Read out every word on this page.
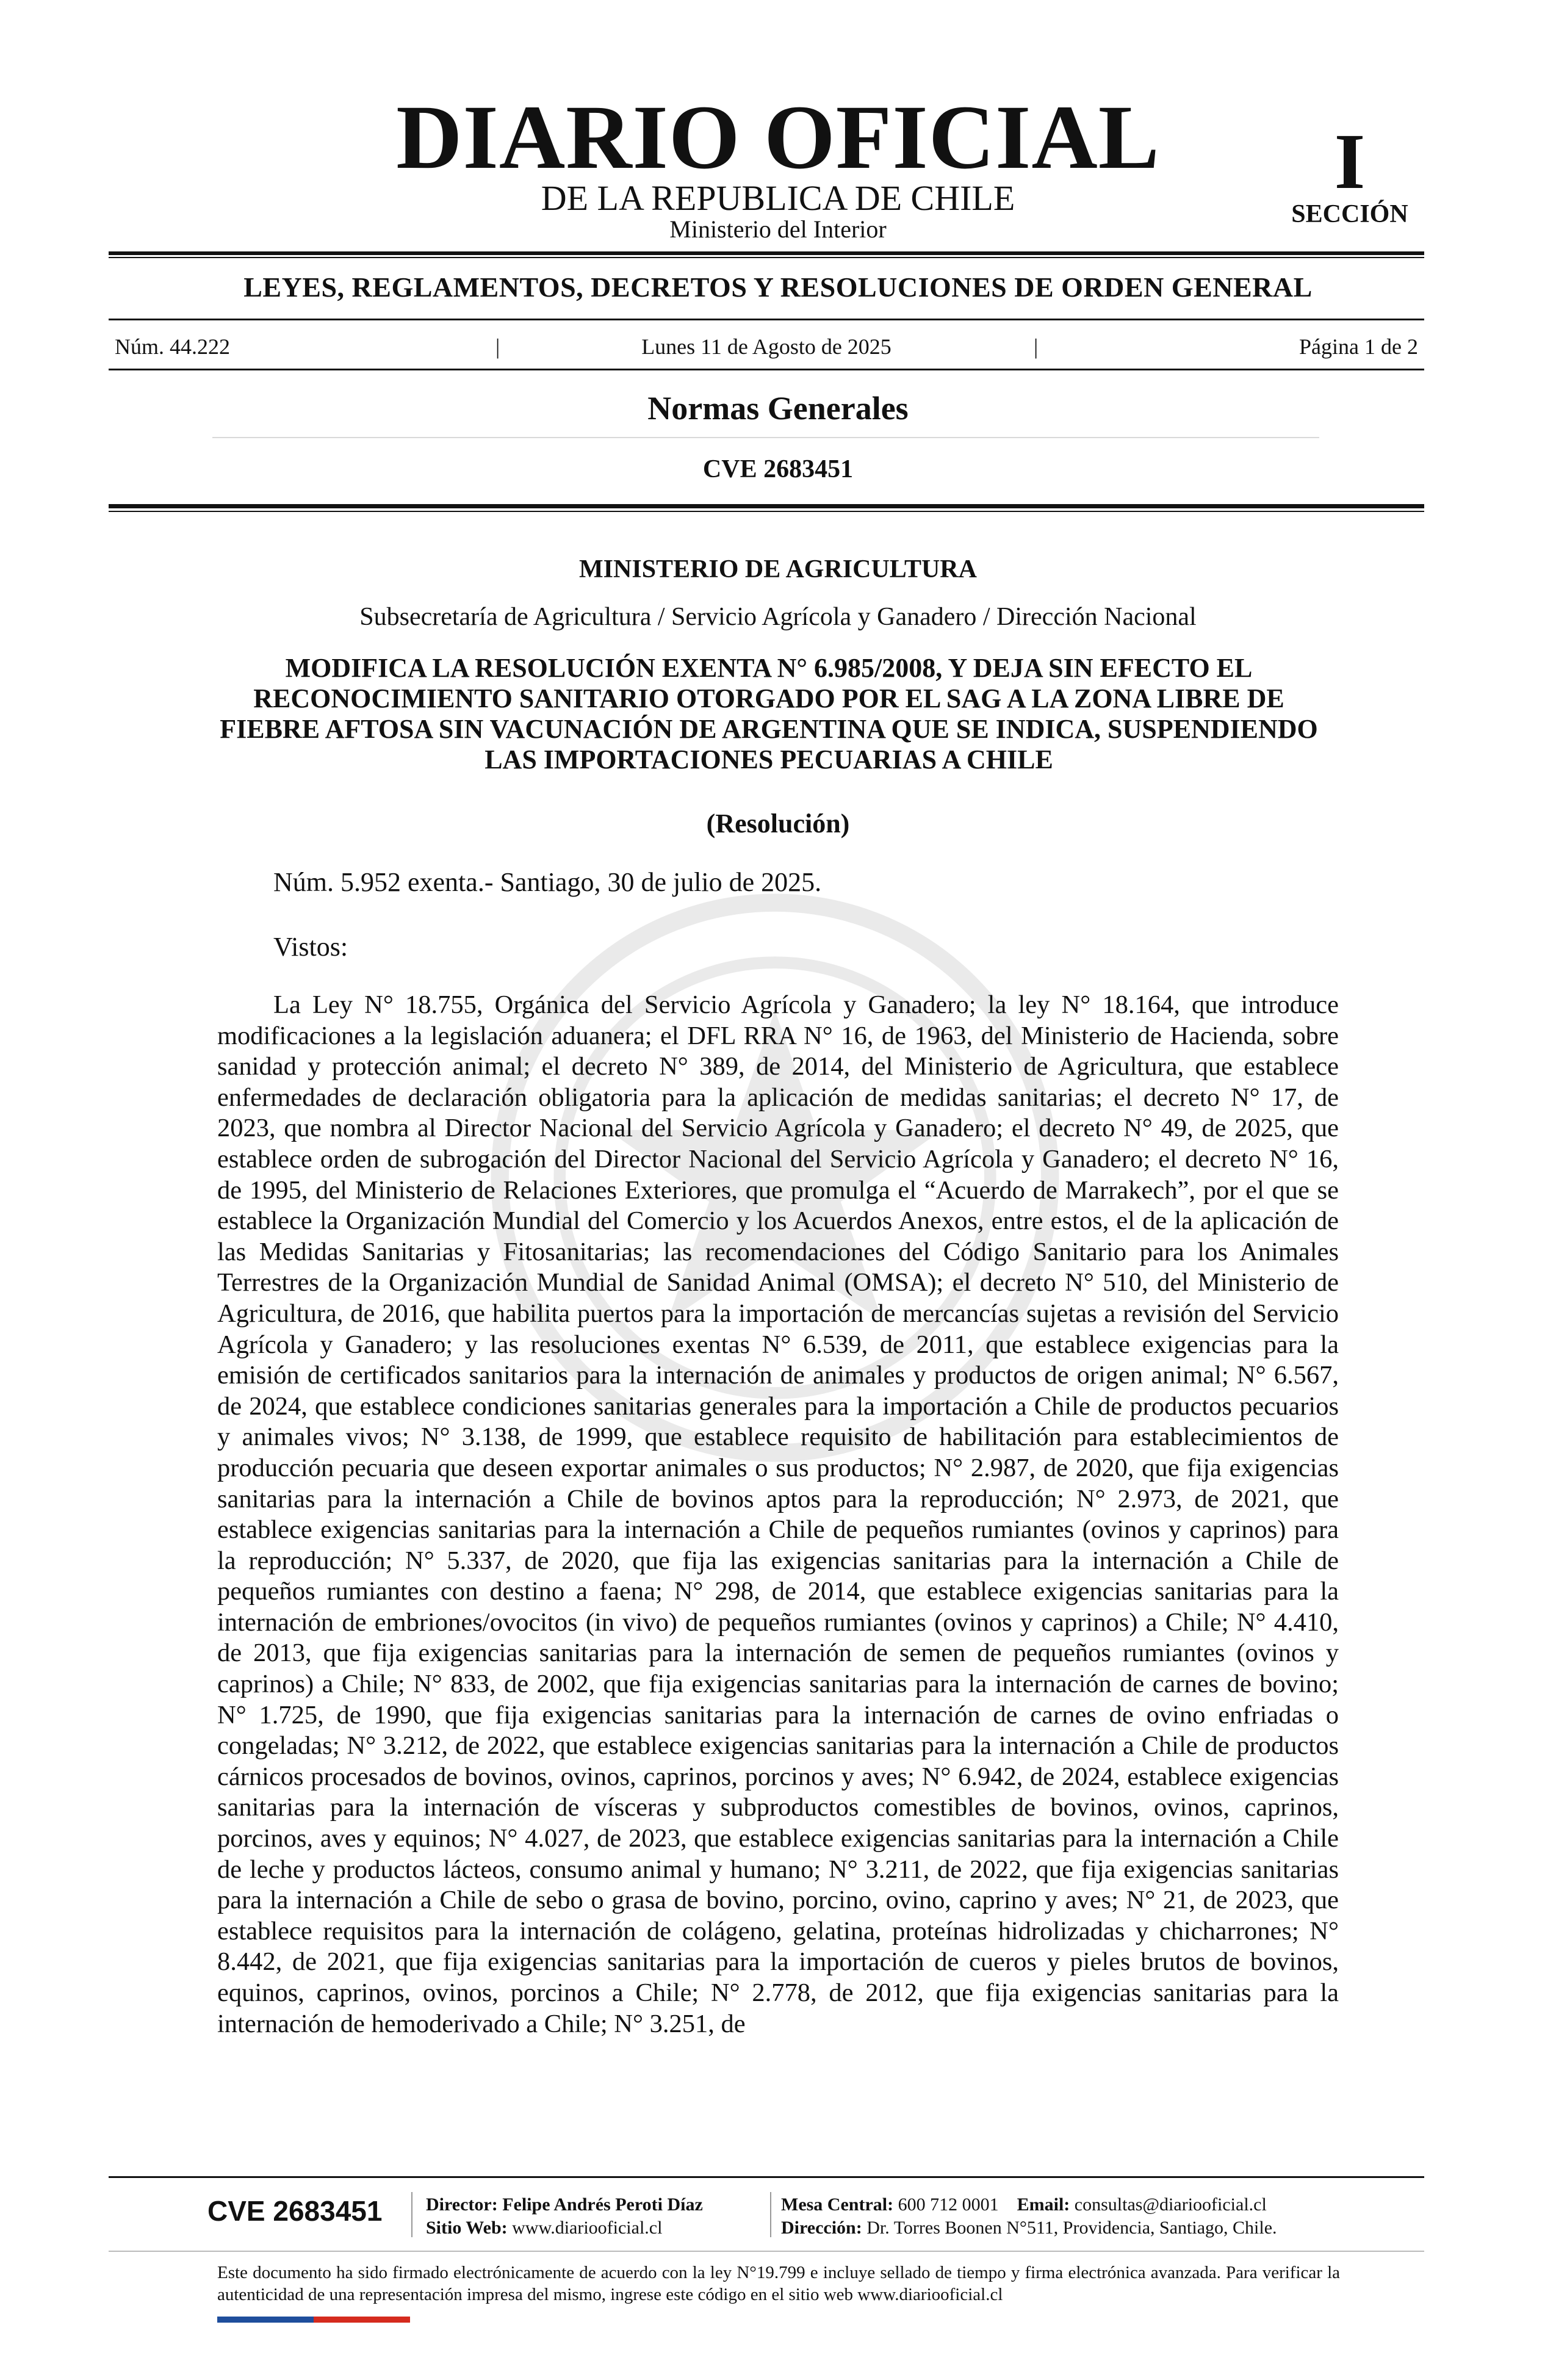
DIARIO OFICIAL
DE LA REPUBLICA DE CHILE
Ministerio del Interior
I
SECCIÓN
LEYES, REGLAMENTOS, DECRETOS Y RESOLUCIONES DE ORDEN GENERAL
Núm. 44.222	|	Lunes 11 de Agosto de 2025	|	Página 1 de 2
Normas Generales
CVE 2683451
MINISTERIO DE AGRICULTURA
Subsecretaría de Agricultura / Servicio Agrícola y Ganadero / Dirección Nacional
MODIFICA LA RESOLUCIÓN EXENTA N° 6.985/2008, Y DEJA SIN EFECTO EL RECONOCIMIENTO SANITARIO OTORGADO POR EL SAG A LA ZONA LIBRE DE FIEBRE AFTOSA SIN VACUNACIÓN DE ARGENTINA QUE SE INDICA, SUSPENDIENDO LAS IMPORTACIONES PECUARIAS A CHILE
(Resolución)
Núm. 5.952 exenta.- Santiago, 30 de julio de 2025.
Vistos:
La Ley N° 18.755, Orgánica del Servicio Agrícola y Ganadero; la ley N° 18.164, que introduce modificaciones a la legislación aduanera; el DFL RRA N° 16, de 1963, del Ministerio de Hacienda, sobre sanidad y protección animal; el decreto N° 389, de 2014, del Ministerio de Agricultura, que establece enfermedades de declaración obligatoria para la aplicación de medidas sanitarias; el decreto N° 17, de 2023, que nombra al Director Nacional del Servicio Agrícola y Ganadero; el decreto N° 49, de 2025, que establece orden de subrogación del Director Nacional del Servicio Agrícola y Ganadero; el decreto N° 16, de 1995, del Ministerio de Relaciones Exteriores, que promulga el “Acuerdo de Marrakech”, por el que se establece la Organización Mundial del Comercio y los Acuerdos Anexos, entre estos, el de la aplicación de las Medidas Sanitarias y Fitosanitarias; las recomendaciones del Código Sanitario para los Animales Terrestres de la Organización Mundial de Sanidad Animal (OMSA); el decreto N° 510, del Ministerio de Agricultura, de 2016, que habilita puertos para la importación de mercancías sujetas a revisión del Servicio Agrícola y Ganadero; y las resoluciones exentas N° 6.539, de 2011, que establece exigencias para la emisión de certificados sanitarios para la internación de animales y productos de origen animal; N° 6.567, de 2024, que establece condiciones sanitarias generales para la importación a Chile de productos pecuarios y animales vivos; N° 3.138, de 1999, que establece requisito de habilitación para establecimientos de producción pecuaria que deseen exportar animales o sus productos; N° 2.987, de 2020, que fija exigencias sanitarias para la internación a Chile de bovinos aptos para la reproducción; N° 2.973, de 2021, que establece exigencias sanitarias para la internación a Chile de pequeños rumiantes (ovinos y caprinos) para la reproducción; N° 5.337, de 2020, que fija las exigencias sanitarias para la internación a Chile de pequeños rumiantes con destino a faena; N° 298, de 2014, que establece exigencias sanitarias para la internación de embriones/ovocitos (in vivo) de pequeños rumiantes (ovinos y caprinos) a Chile; N° 4.410, de 2013, que fija exigencias sanitarias para la internación de semen de pequeños rumiantes (ovinos y caprinos) a Chile; N° 833, de 2002, que fija exigencias sanitarias para la internación de carnes de bovino; N° 1.725, de 1990, que fija exigencias sanitarias para la internación de carnes de ovino enfriadas o congeladas; N° 3.212, de 2022, que establece exigencias sanitarias para la internación a Chile de productos cárnicos procesados de bovinos, ovinos, caprinos, porcinos y aves; N° 6.942, de 2024, establece exigencias sanitarias para la internación de vísceras y subproductos comestibles de bovinos, ovinos, caprinos, porcinos, aves y equinos; N° 4.027, de 2023, que establece exigencias sanitarias para la internación a Chile de leche y productos lácteos, consumo animal y humano; N° 3.211, de 2022, que fija exigencias sanitarias para la internación a Chile de sebo o grasa de bovino, porcino, ovino, caprino y aves; N° 21, de 2023, que establece requisitos para la internación de colágeno, gelatina, proteínas hidrolizadas y chicharrones; N° 8.442, de 2021, que fija exigencias sanitarias para la importación de cueros y pieles brutos de bovinos, equinos, caprinos, ovinos, porcinos a Chile; N° 2.778, de 2012, que fija exigencias sanitarias para la internación de hemoderivado a Chile; N° 3.251, de
CVE 2683451 Director: Felipe Andrés Peroti Díaz
Sitio Web: www.diariooficial.cl
Mesa Central: 600 712 0001 Email: consultas@diariooficial.cl
Dirección: Dr. Torres Boonen N°511, Providencia, Santiago, Chile.
Este documento ha sido firmado electrónicamente de acuerdo con la ley N°19.799 e incluye sellado de tiempo y firma electrónica avanzada. Para verificar la autenticidad de una representación impresa del mismo, ingrese este código en el sitio web www.diariooficial.cl
